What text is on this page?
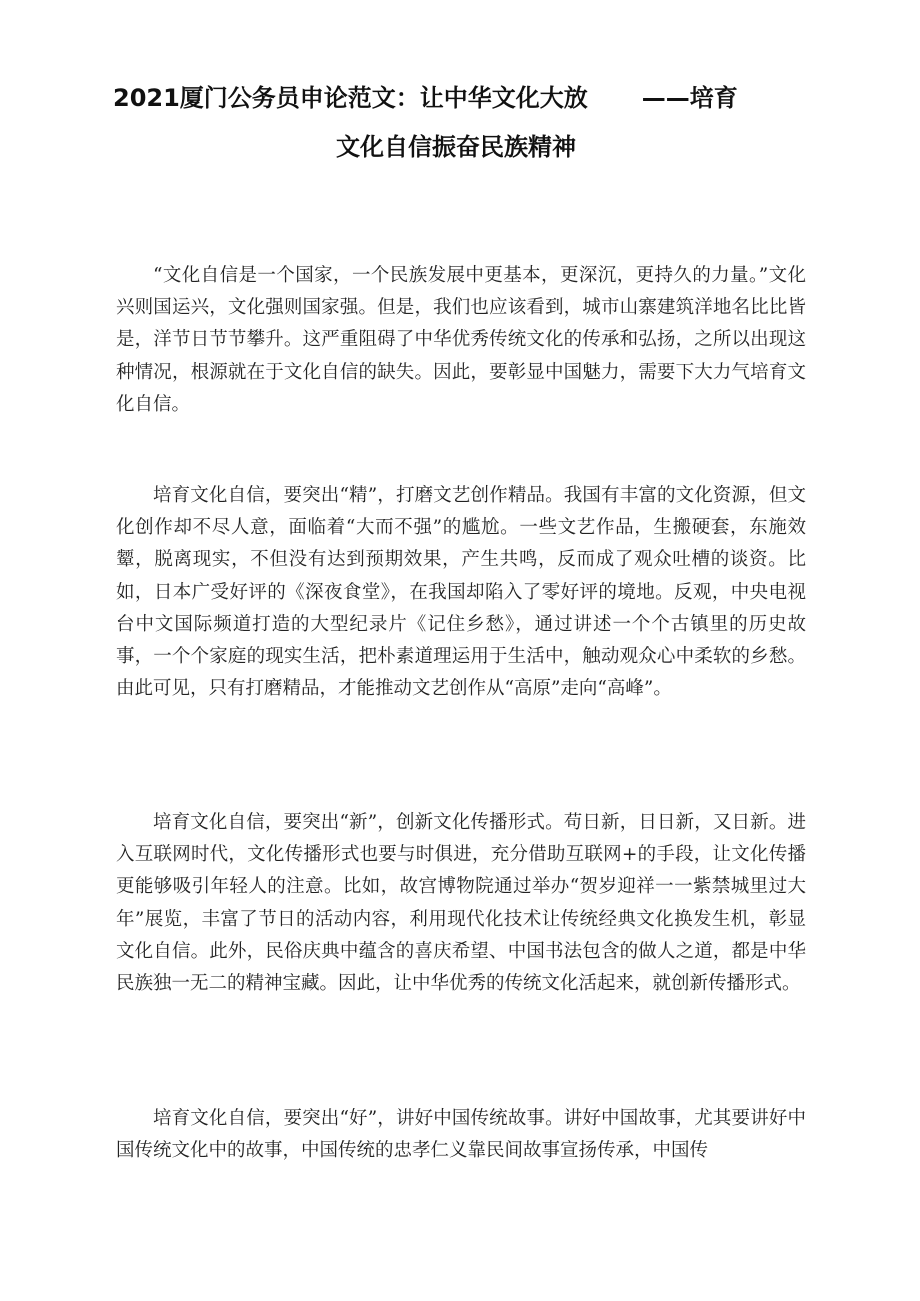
2021厦门公务员申论范文：让中华文化大放 ——培育
文化自信振奋民族精神

“文化自信是一个国家，一个民族发展中更基本，更深沉，更持久的力量。”文化兴则国运兴，文化强则国家强。但是，我们也应该看到，城市山寨建筑洋地名比比皆是，洋节日节节攀升。这严重阻碍了中华优秀传统文化的传承和弘扬，之所以出现这种情况，根源就在于文化自信的缺失。因此，要彰显中国魅力，需要下大力气培育文化自信。

培育文化自信，要突出“精”，打磨文艺创作精品。我国有丰富的文化资源，但文化创作却不尽人意，面临着“大而不强”的尴尬。一些文艺作品，生搬硬套，东施效颦，脱离现实，不但没有达到预期效果，产生共鸣，反而成了观众吐槽的谈资。比如，日本广受好评的《深夜食堂》，在我国却陷入了零好评的境地。反观，中央电视台中文国际频道打造的大型纪录片《记住乡愁》，通过讲述一个个古镇里的历史故事，一个个家庭的现实生活，把朴素道理运用于生活中，触动观众心中柔软的乡愁。由此可见，只有打磨精品，才能推动文艺创作从“高原”走向“高峰”。

培育文化自信，要突出“新”，创新文化传播形式。苟日新，日日新，又日新。进入互联网时代，文化传播形式也要与时俱进，充分借助互联网+的手段，让文化传播更能够吸引年轻人的注意。比如，故宫博物院通过举办“贺岁迎祥一一紫禁城里过大年”展览，丰富了节日的活动内容，利用现代化技术让传统经典文化换发生机，彰显文化自信。此外，民俗庆典中蕴含的喜庆希望、中国书法包含的做人之道，都是中华民族独一无二的精神宝藏。因此，让中华优秀的传统文化活起来，就创新传播形式。

培育文化自信，要突出“好”，讲好中国传统故事。讲好中国故事，尤其要讲好中国传统文化中的故事，中国传统的忠孝仁义靠民间故事宣扬传承，中国传
